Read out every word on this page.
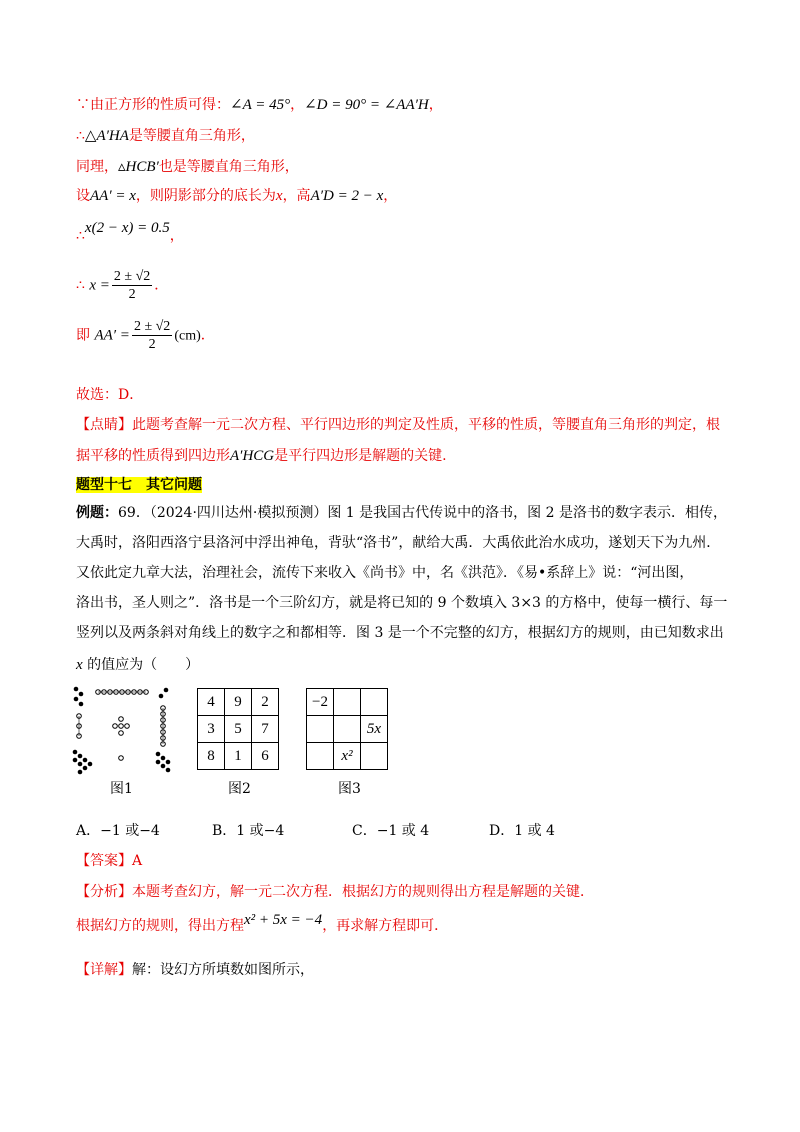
∵由正方形的性质可得：∠A = 45°，∠D = 90° = ∠AA′H，
∴△A′HA是等腰直角三角形，
同理，▵HCB′也是等腰直角三角形，
设AA′ = x，则阴影部分的底长为x，高A′D = 2 − x，
∴x(2 − x) = 0.5，
∴ $x = \frac{2 \pm √2}{2}$ ．
即 $AA' = \frac{2 \pm √2}{2} (cm)$．
故选：D．
【点睛】此题考查解一元二次方程、平行四边形的判定及性质，平移的性质，等腰直角三角形的判定，根
据平移的性质得到四边形A′HCG是平行四边形是解题的关键.
题型十七　其它问题
例题：69．（2024·四川达州·模拟预测）图 1 是我国古代传说中的洛书，图 2 是洛书的数字表示．相传，
大禹时，洛阳西洛宁县洛河中浮出神龟，背驮“洛书”，献给大禹．大禹依此治水成功，遂划天下为九州．
又依此定九章大法，治理社会，流传下来收入《尚书》中，名《洪范》．《易•系辞上》说：“河出图，
洛出书，圣人则之”．洛书是一个三阶幻方，就是将已知的 9 个数填入 3×3 的方格中，使每一横行、每一
竖列以及两条斜对角线上的数字之和都相等．图 3 是一个不完整的幻方，根据幻方的规则，由已知数求出
x 的值应为（　　）
图1
4	9	2
3	5	7
8	1	6
图2
−2		
		5x
	x²	
图3
A．−1 或−4	B．1 或−4	C．−1 或 4	D．1 或 4
【答案】A
【分析】本题考查幻方，解一元二次方程．根据幻方的规则得出方程是解题的关键．
根据幻方的规则，得出方程x² + 5x = −4，再求解方程即可．
【详解】解：设幻方所填数如图所示，
